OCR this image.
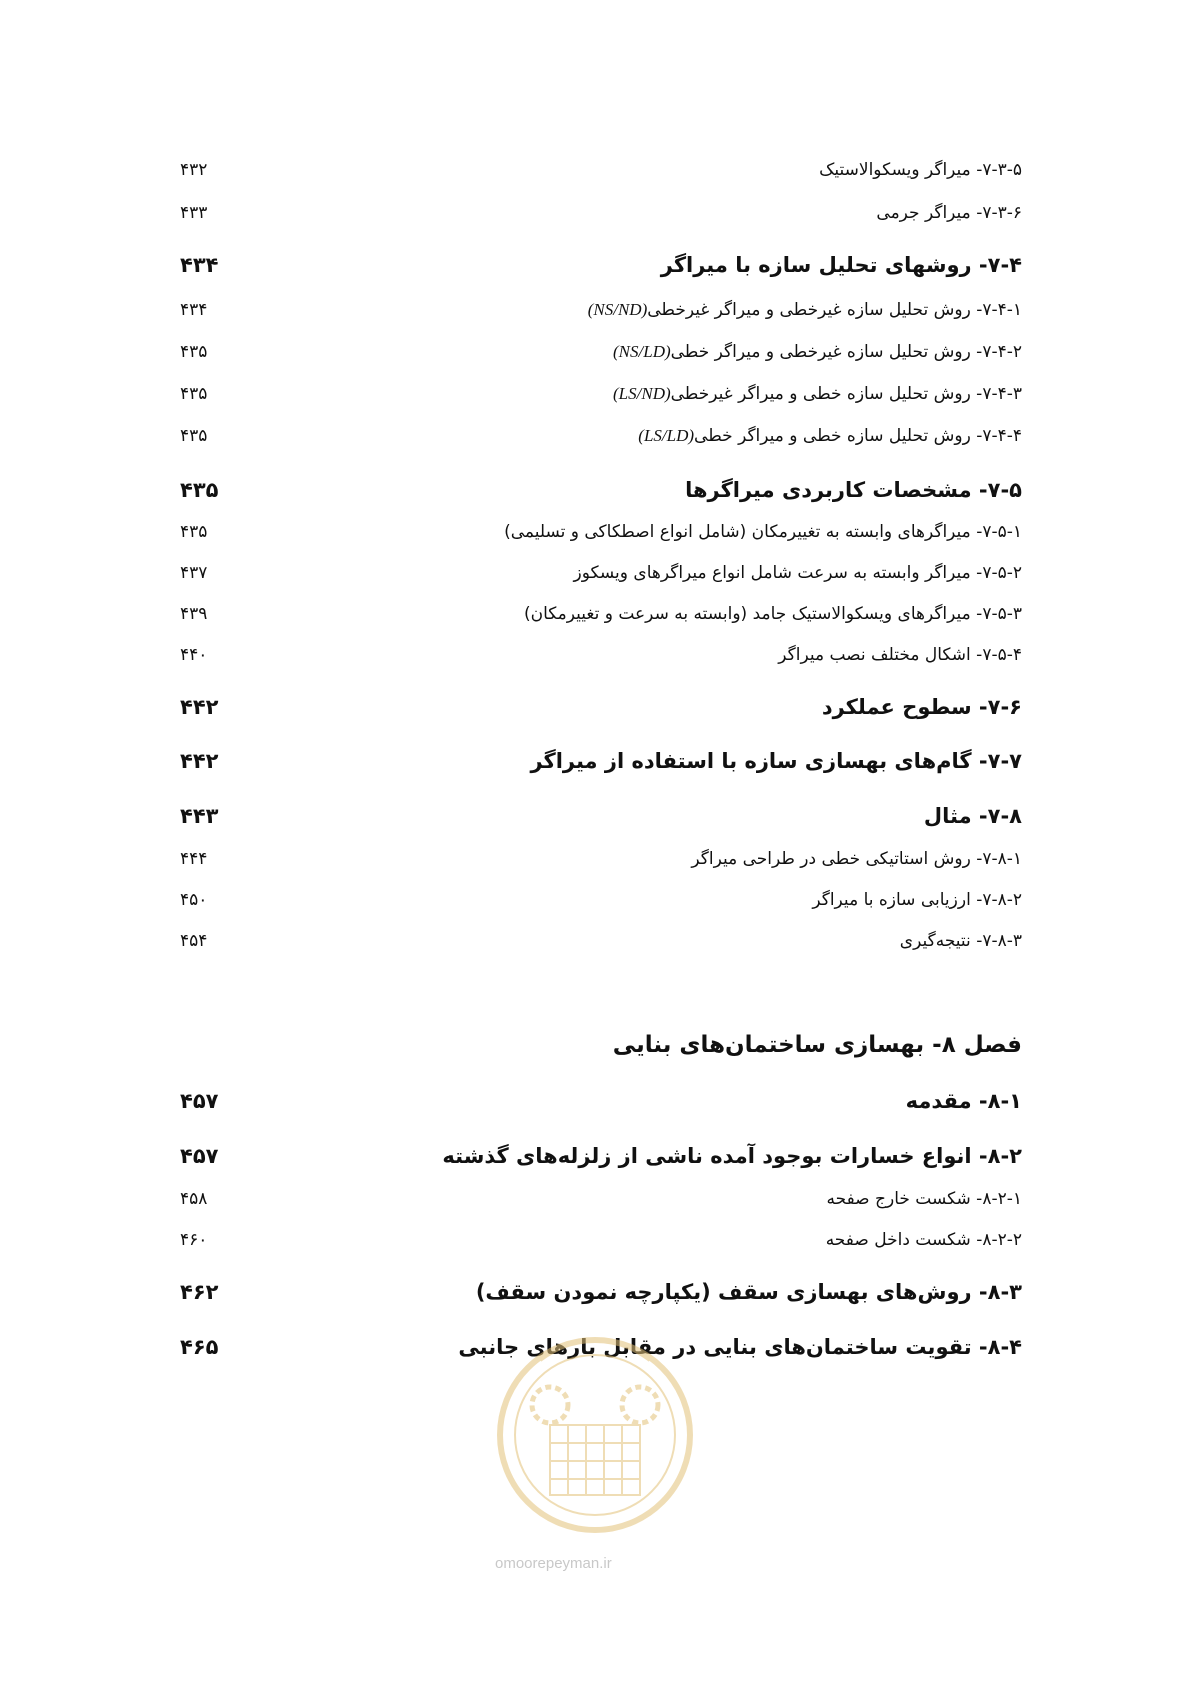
۷-۳-۵- میراگر ویسکوالاستیک
۴۳۲
۷-۳-۶- میراگر جرمی
۴۳۳
۷-۴- روشهای تحلیل سازه با میراگر
۴۳۴
۷-۴-۱- روش تحلیل سازه غیرخطی و میراگر غیرخطی(NS/ND)
۴۳۴
۷-۴-۲- روش تحلیل سازه غیرخطی و میراگر خطی(NS/LD)
۴۳۵
۷-۴-۳- روش تحلیل سازه خطی و میراگر غیرخطی(LS/ND)
۴۳۵
۷-۴-۴- روش تحلیل سازه خطی و میراگر خطی(LS/LD)
۴۳۵
۷-۵- مشخصات کاربردی میراگرها
۴۳۵
۷-۵-۱- میراگرهای وابسته به تغییرمکان (شامل انواع اصطکاکی و تسلیمی)
۴۳۵
۷-۵-۲- میراگر وابسته به سرعت شامل انواع میراگرهای ویسکوز
۴۳۷
۷-۵-۳- میراگرهای ویسکوالاستیک جامد (وابسته به سرعت و تغییرمکان)
۴۳۹
۷-۵-۴- اشکال مختلف نصب میراگر
۴۴۰
۷-۶- سطوح عملکرد
۴۴۲
۷-۷- گام‌های بهسازی سازه با استفاده از میراگر
۴۴۲
۷-۸- مثال
۴۴۳
۷-۸-۱- روش استاتیکی خطی در طراحی میراگر
۴۴۴
۷-۸-۲- ارزیابی سازه با میراگر
۴۵۰
۷-۸-۳- نتیجه‌گیری
۴۵۴
فصل ۸- بهسازی ساختمان‌های بنایی
۸-۱- مقدمه
۴۵۷
۸-۲- انواع خسارات بوجود آمده ناشی از زلزله‌های گذشته
۴۵۷
۸-۲-۱- شکست خارج صفحه
۴۵۸
۸-۲-۲- شکست داخل صفحه
۴۶۰
۸-۳- روش‌های بهسازی سقف (یکپارچه نمودن سقف)
۴۶۲
۸-۴- تقویت ساختمان‌های بنایی در مقابل بارهای جانبی
۴۶۵
omoorepeyman.ir
